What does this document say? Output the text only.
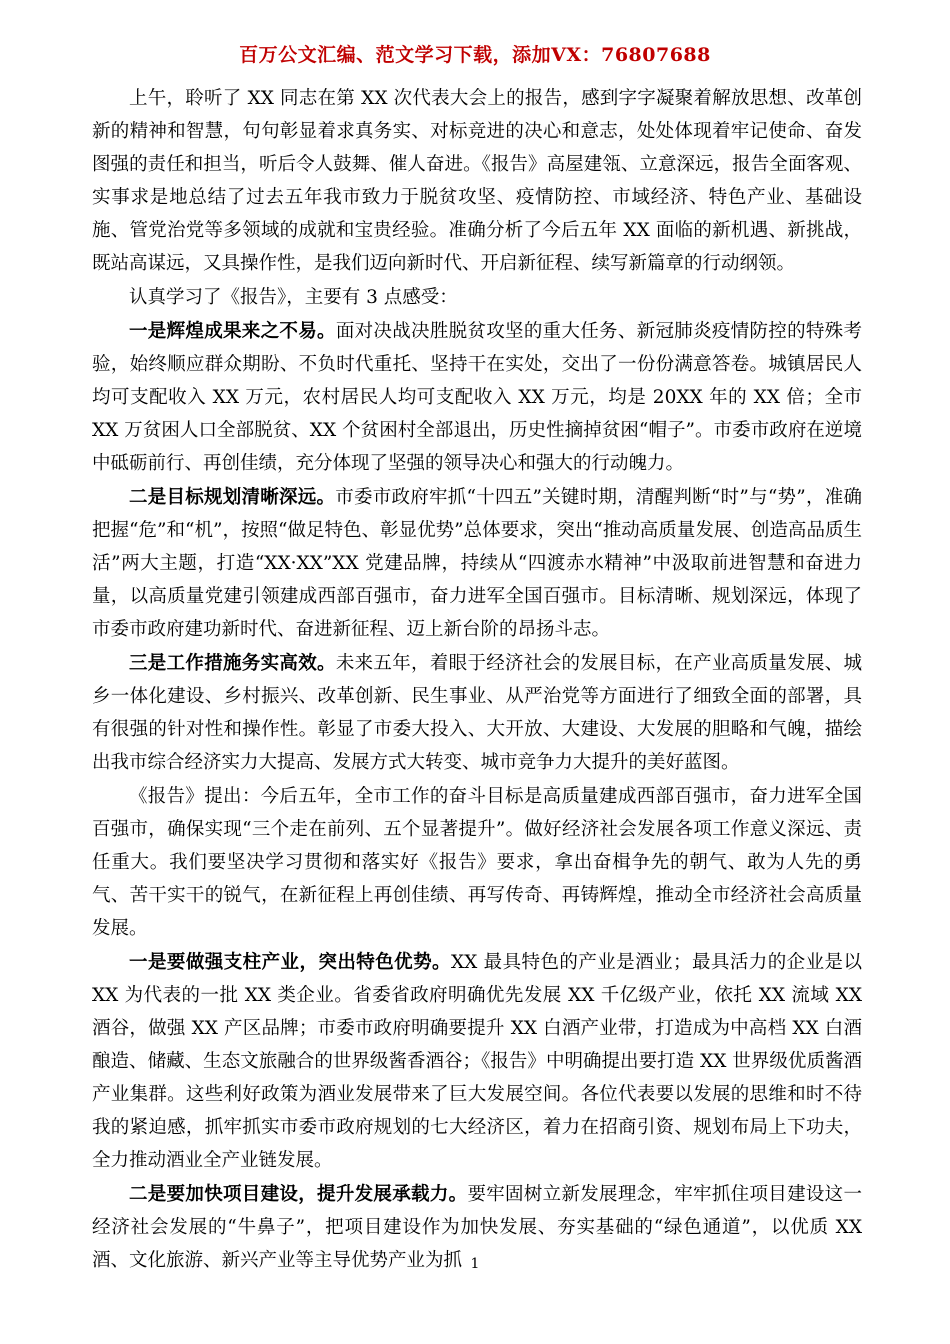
百万公文汇编、范文学习下载，添加VX：76807688

上午，聆听了 XX 同志在第 XX 次代表大会上的报告，感到字字凝聚着解放思想、改革创新的精神和智慧，句句彰显着求真务实、对标竞进的决心和意志，处处体现着牢记使命、奋发图强的责任和担当，听后令人鼓舞、催人奋进。《报告》高屋建瓴、立意深远，报告全面客观、实事求是地总结了过去五年我市致力于脱贫攻坚、疫情防控、市域经济、特色产业、基础设施、管党治党等多领域的成就和宝贵经验。准确分析了今后五年 XX 面临的新机遇、新挑战，既站高谋远，又具操作性，是我们迈向新时代、开启新征程、续写新篇章的行动纲领。

认真学习了《报告》，主要有 3 点感受：

一是辉煌成果来之不易。面对决战决胜脱贫攻坚的重大任务、新冠肺炎疫情防控的特殊考验，始终顺应群众期盼、不负时代重托、坚持干在实处，交出了一份份满意答卷。城镇居民人均可支配收入 XX 万元，农村居民人均可支配收入 XX 万元，均是 20XX 年的 XX 倍；全市 XX 万贫困人口全部脱贫、XX 个贫困村全部退出，历史性摘掉贫困“帽子”。市委市政府在逆境中砥砺前行、再创佳绩，充分体现了坚强的领导决心和强大的行动魄力。

二是目标规划清晰深远。市委市政府牢抓“十四五”关键时期，清醒判断“时”与“势”，准确把握“危”和“机”，按照“做足特色、彰显优势”总体要求，突出“推动高质量发展、创造高品质生活”两大主题，打造“XX·XX”XX 党建品牌，持续从“四渡赤水精神”中汲取前进智慧和奋进力量，以高质量党建引领建成西部百强市，奋力进军全国百强市。目标清晰、规划深远，体现了市委市政府建功新时代、奋进新征程、迈上新台阶的昂扬斗志。

三是工作措施务实高效。未来五年，着眼于经济社会的发展目标，在产业高质量发展、城乡一体化建设、乡村振兴、改革创新、民生事业、从严治党等方面进行了细致全面的部署，具有很强的针对性和操作性。彰显了市委大投入、大开放、大建设、大发展的胆略和气魄，描绘出我市综合经济实力大提高、发展方式大转变、城市竞争力大提升的美好蓝图。

《报告》提出：今后五年，全市工作的奋斗目标是高质量建成西部百强市，奋力进军全国百强市，确保实现“三个走在前列、五个显著提升”。做好经济社会发展各项工作意义深远、责任重大。我们要坚决学习贯彻和落实好《报告》要求，拿出奋楫争先的朝气、敢为人先的勇气、苦干实干的锐气，在新征程上再创佳绩、再写传奇、再铸辉煌，推动全市经济社会高质量发展。

一是要做强支柱产业，突出特色优势。XX 最具特色的产业是酒业；最具活力的企业是以 XX 为代表的一批 XX 类企业。省委省政府明确优先发展 XX 千亿级产业，依托 XX 流域 XX 酒谷，做强 XX 产区品牌；市委市政府明确要提升 XX 白酒产业带，打造成为中高档 XX 白酒酿造、储藏、生态文旅融合的世界级酱香酒谷；《报告》中明确提出要打造 XX 世界级优质酱酒产业集群。这些利好政策为酒业发展带来了巨大发展空间。各位代表要以发展的思维和时不待我的紧迫感，抓牢抓实市委市政府规划的七大经济区，着力在招商引资、规划布局上下功夫，全力推动酒业全产业链发展。

二是要加快项目建设，提升发展承载力。要牢固树立新发展理念，牢牢抓住项目建设这一经济社会发展的“牛鼻子”，把项目建设作为加快发展、夯实基础的“绿色通道”，以优质 XX 酒、文化旅游、新兴产业等主导优势产业为抓 1
